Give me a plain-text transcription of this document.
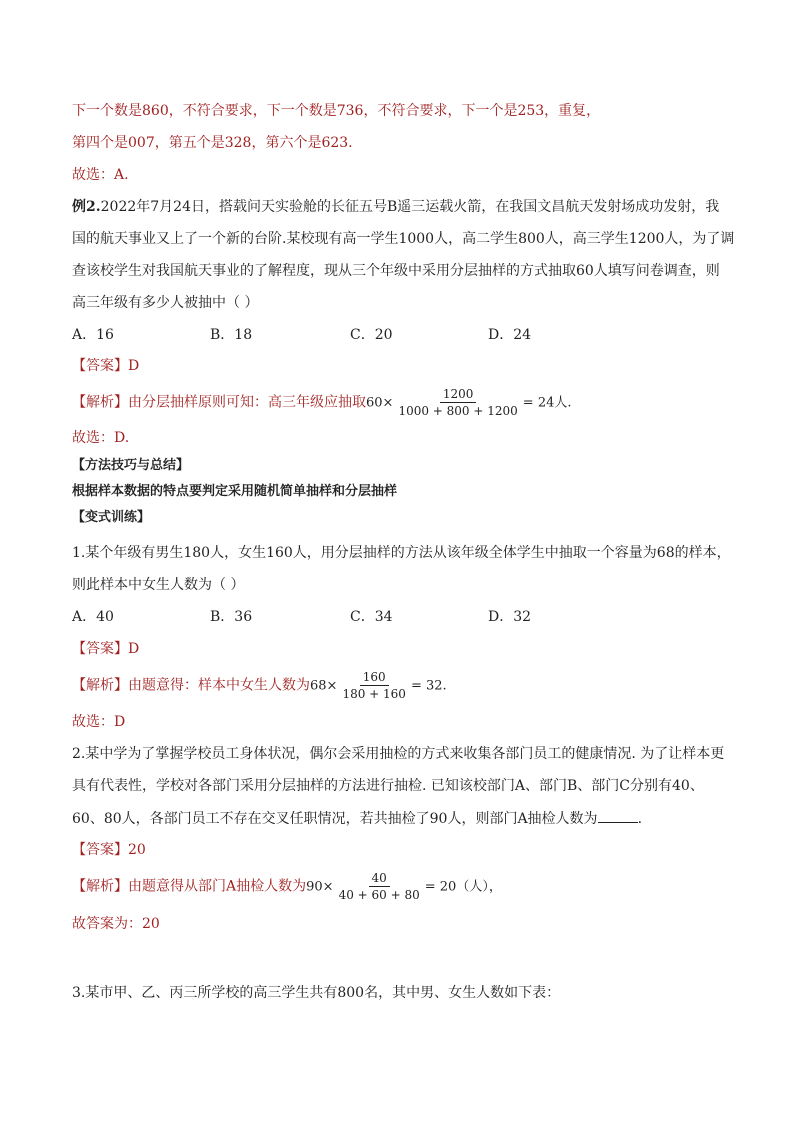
下一个数是860，不符合要求，下一个数是736，不符合要求，下一个是253，重复，
第四个是007，第五个是328，第六个是623.
故选：A.
例2.2022年7月24日，搭载问天实验舱的长征五号B遥三运载火箭，在我国文昌航天发射场成功发射，我
国的航天事业又上了一个新的台阶.某校现有高一学生1000人，高二学生800人，高三学生1200人，为了调
查该校学生对我国航天事业的了解程度，现从三个年级中采用分层抽样的方式抽取60人填写问卷调查，则
高三年级有多少人被抽中（ ）
A．16	B．18	C．20	D．24
【答案】D
【解析】由分层抽样原则可知：高三年级应抽取$60\times \frac{1200}{1000 + 800 + 1200} = 24$人.
故选：D.
【方法技巧与总结】
根据样本数据的特点要判定采用随机简单抽样和分层抽样
【变式训练】
1.某个年级有男生180人，女生160人，用分层抽样的方法从该年级全体学生中抽取一个容量为68的样本，
则此样本中女生人数为（ ）
A．40	B．36	C．34	D．32
【答案】D
【解析】由题意得：样本中女生人数为$68\times \frac{160}{180 + 160} = 32$.
故选：D
2.某中学为了掌握学校员工身体状况，偶尔会采用抽检的方式来收集各部门员工的健康情况. 为了让样本更
具有代表性，学校对各部门采用分层抽样的方法进行抽检. 已知该校部门A、部门B、部门C分别有40、
60、80人，各部门员工不存在交叉任职情况，若共抽检了90人，则部门A抽检人数为	.
【答案】20
【解析】由题意得从部门A抽检人数为$90\times \frac{40}{40 + 60 + 80} = 20$（人），
故答案为：20
3.某市甲、乙、丙三所学校的高三学生共有800名，其中男、女生人数如下表：
